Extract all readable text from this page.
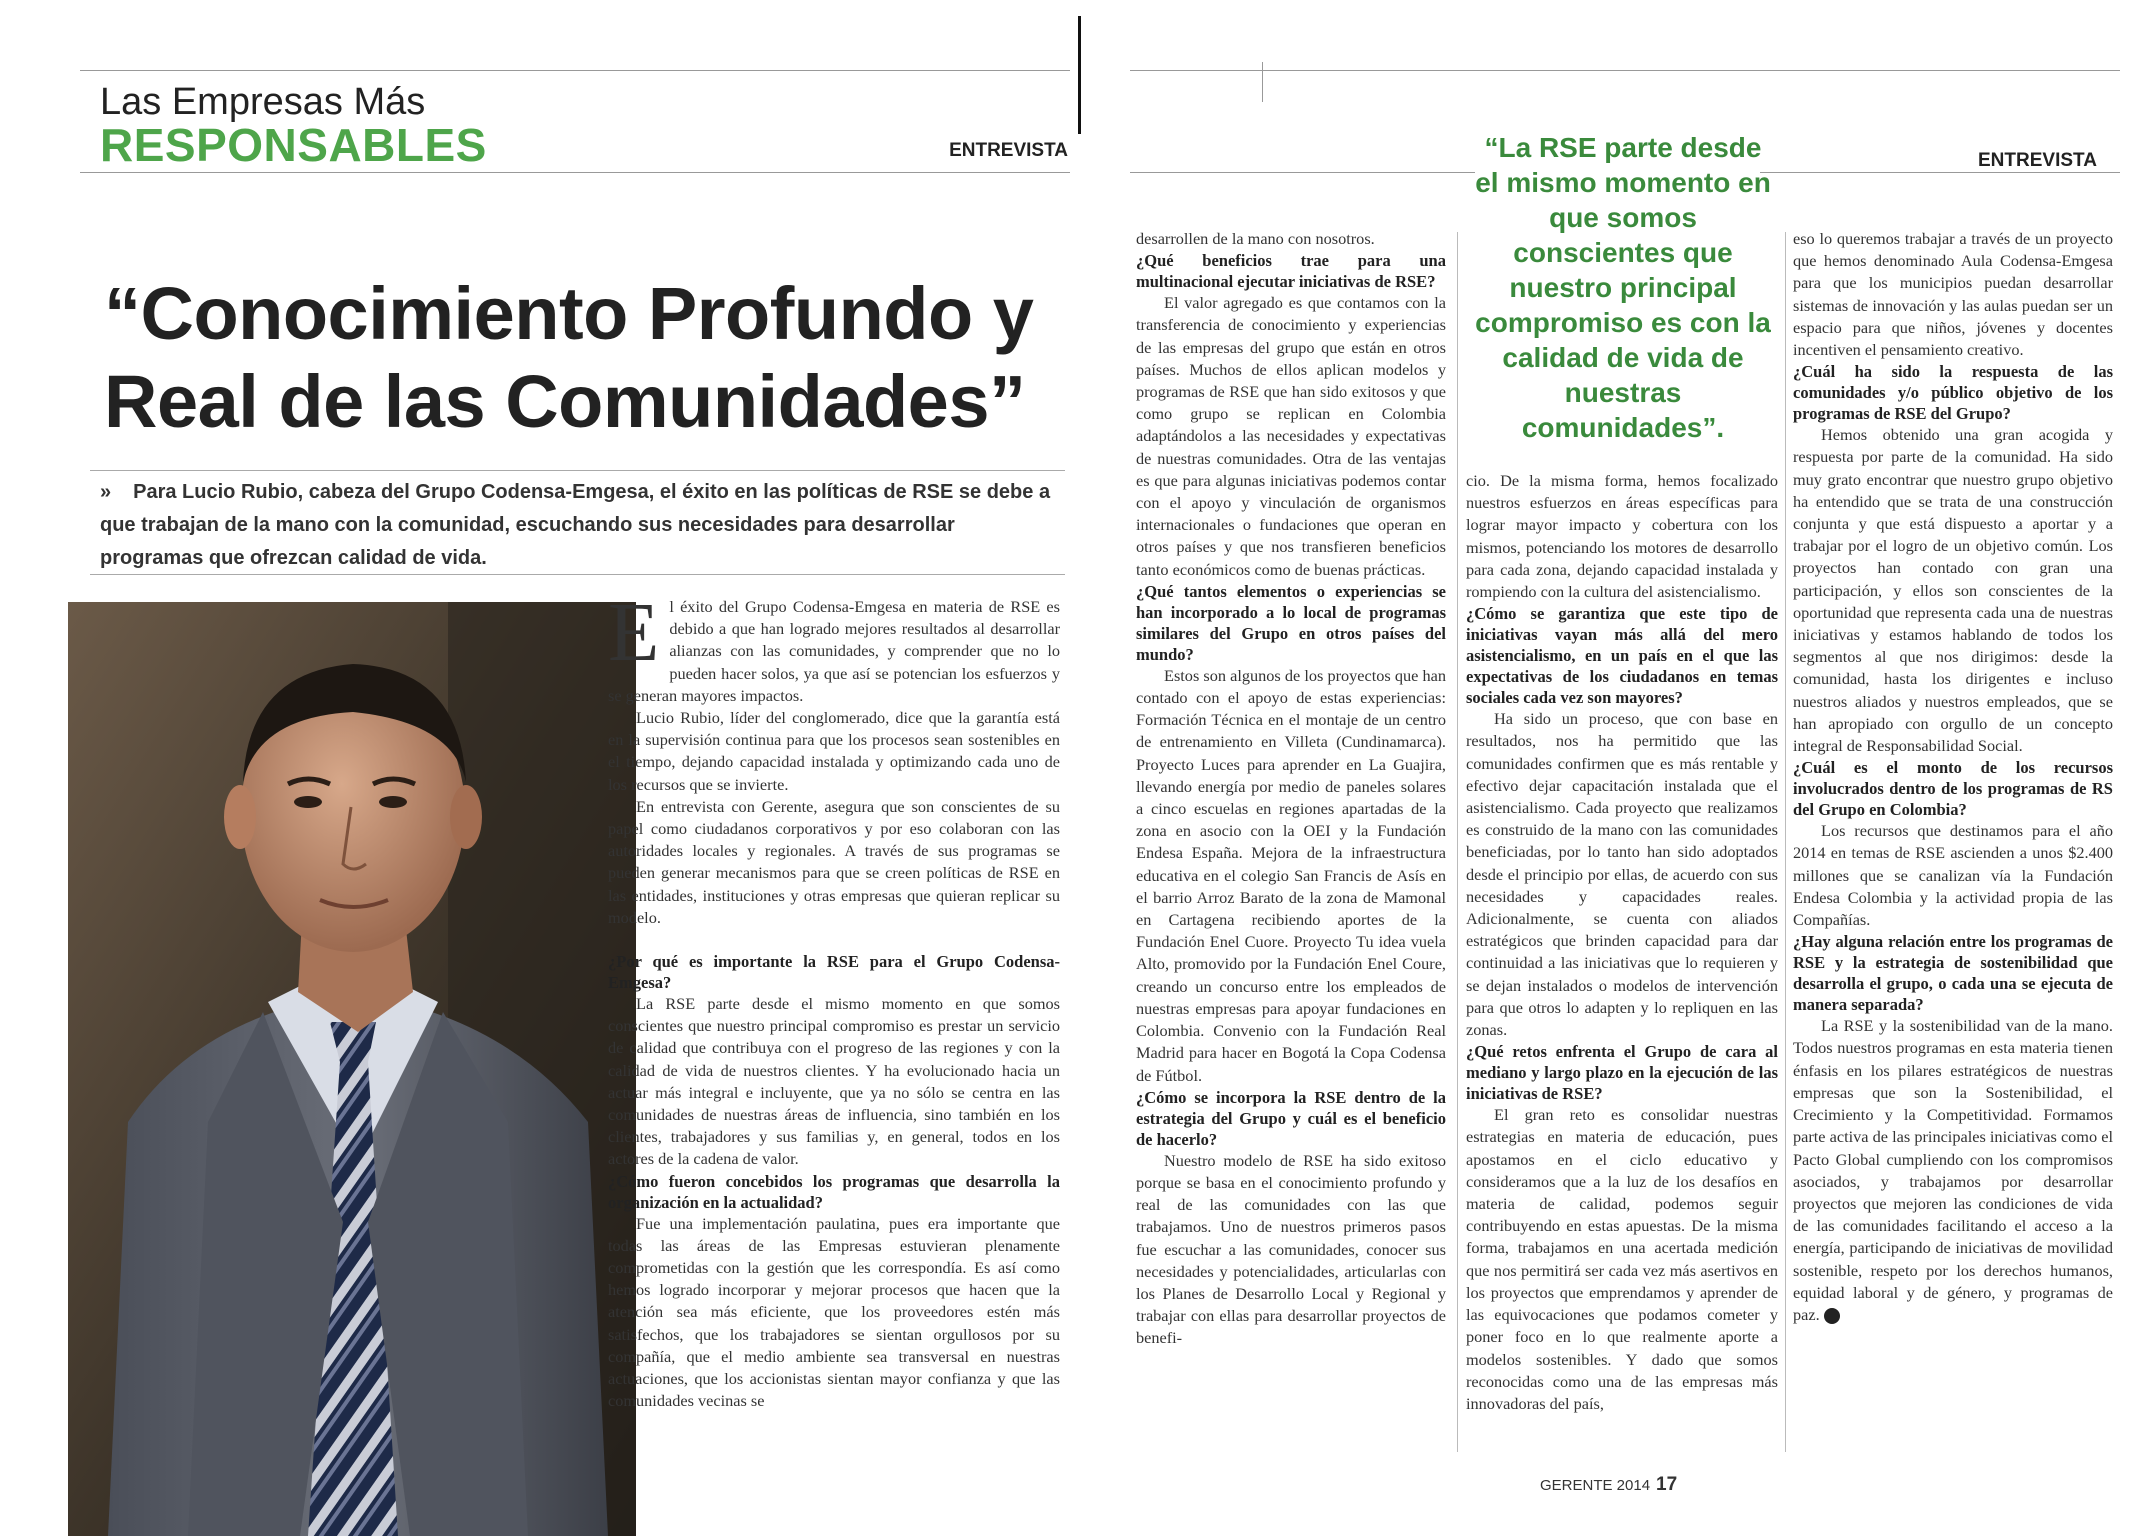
Las Empresas Más
RESPONSABLES	ENTREVISTA
“Conocimiento Profundo y
Real de las Comunidades”
» Para Lucio Rubio, cabeza del Grupo Codensa-Emgesa, el éxito en las políticas de RSE se debe a que trabajan de la mano con la comunidad, escuchando sus necesidades para desarrollar programas que ofrezcan calidad de vida.

El éxito del Grupo Codensa-Emgesa en materia de RSE es debido a que han logrado mejores resultados al desarrollar alianzas con las comunidades, y comprender que no lo pueden hacer solos, ya que así se potencian los esfuerzos y se generan mayores impactos.

Lucio Rubio, líder del conglomerado, dice que la garantía está en la supervisión continua para que los procesos sean sostenibles en el tiempo, dejando capacidad instalada y optimizando cada uno de los recursos que se invierte.

En entrevista con Gerente, asegura que son conscientes de su papel como ciudadanos corporativos y por eso colaboran con las autoridades locales y regionales. A través de sus programas se pueden generar mecanismos para que se creen políticas de RSE en las entidades, instituciones y otras empresas que quieran replicar su modelo.

¿Por qué es importante la RSE para el Grupo Codensa-Emgesa?

La RSE parte desde el mismo momento en que somos conscientes que nuestro principal compromiso es prestar un servicio de calidad que contribuya con el progreso de las regiones y con la calidad de vida de nuestros clientes. Y ha evolucionado hacia un actuar más integral e incluyente, que ya no sólo se centra en las comunidades de nuestras áreas de influencia, sino también en los clientes, trabajadores y sus familias y, en general, todos en los actores de la cadena de valor.

¿Cómo fueron concebidos los programas que desarrolla la organización en la actualidad?

Fue una implementación paulatina, pues era importante que todas las áreas de las Empresas estuvieran plenamente comprometidas con la gestión que les correspondía. Es así como hemos logrado incorporar y mejorar procesos que hacen que la atención sea más eficiente, que los proveedores estén más satisfechos, que los trabajadores se sientan orgullosos por su compañía, que el medio ambiente sea transversal en nuestras actuaciones, que los accionistas sientan mayor confianza y que las comunidades vecinas se

ENTREVISTA
“La RSE parte desde el mismo momento en que somos conscientes que nuestro principal compromiso es con la calidad de vida de nuestras comunidades”.

desarrollen de la mano con nosotros.

¿Qué beneficios trae para una multinacional ejecutar iniciativas de RSE?

El valor agregado es que contamos con la transferencia de conocimiento y experiencias de las empresas del grupo que están en otros países. Muchos de ellos aplican modelos y programas de RSE que han sido exitosos y que como grupo se replican en Colombia adaptándolos a las necesidades y expectativas de nuestras comunidades. Otra de las ventajas es que para algunas iniciativas podemos contar con el apoyo y vinculación de organismos internacionales o fundaciones que operan en otros países y que nos transfieren beneficios tanto económicos como de buenas prácticas.

¿Qué tantos elementos o experiencias se han incorporado a lo local de programas similares del Grupo en otros países del mundo?

Estos son algunos de los proyectos que han contado con el apoyo de estas experiencias: Formación Técnica en el montaje de un centro de entrenamiento en Villeta (Cundinamarca). Proyecto Luces para aprender en La Guajira, llevando energía por medio de paneles solares a cinco escuelas en regiones apartadas de la zona en asocio con la OEI y la Fundación Endesa España. Mejora de la infraestructura educativa en el colegio San Francis de Asís en el barrio Arroz Barato de la zona de Mamonal en Cartagena recibiendo aportes de la Fundación Enel Cuore. Proyecto Tu idea vuela Alto, promovido por la Fundación Enel Coure, creando un concurso entre los empleados de nuestras empresas para apoyar fundaciones en Colombia. Convenio con la Fundación Real Madrid para hacer en Bogotá la Copa Codensa de Fútbol.

¿Cómo se incorpora la RSE dentro de la estrategia del Grupo y cuál es el beneficio de hacerlo?

Nuestro modelo de RSE ha sido exitoso porque se basa en el conocimiento profundo y real de las comunidades con las que trabajamos. Uno de nuestros primeros pasos fue escuchar a las comunidades, conocer sus necesidades y potencialidades, articularlas con los Planes de Desarrollo Local y Regional y trabajar con ellas para desarrollar proyectos de benefi-

cio. De la misma forma, hemos focalizado nuestros esfuerzos en áreas específicas para lograr mayor impacto y cobertura con los mismos, potenciando los motores de desarrollo para cada zona, dejando capacidad instalada y rompiendo con la cultura del asistencialismo.

¿Cómo se garantiza que este tipo de iniciativas vayan más allá del mero asistencialismo, en un país en el que las expectativas de los ciudadanos en temas sociales cada vez son mayores?

Ha sido un proceso, que con base en resultados, nos ha permitido que las comunidades confirmen que es más rentable y efectivo dejar capacitación instalada que el asistencialismo. Cada proyecto que realizamos es construido de la mano con las comunidades beneficiadas, por lo tanto han sido adoptados desde el principio por ellas, de acuerdo con sus necesidades y capacidades reales. Adicionalmente, se cuenta con aliados estratégicos que brinden capacidad para dar continuidad a las iniciativas que lo requieren y se dejan instalados o modelos de intervención para que otros lo adapten y lo repliquen en las zonas.

¿Qué retos enfrenta el Grupo de cara al mediano y largo plazo en la ejecución de las iniciativas de RSE?

El gran reto es consolidar nuestras estrategias en materia de educación, pues apostamos en el ciclo educativo y consideramos que a la luz de los desafíos en materia de calidad, podemos seguir contribuyendo en estas apuestas. De la misma forma, trabajamos en una acertada medición que nos permitirá ser cada vez más asertivos en los proyectos que emprendamos y aprender de las equivocaciones que podamos cometer y poner foco en lo que realmente aporte a modelos sostenibles. Y dado que somos reconocidas como una de las empresas más innovadoras del país,

eso lo queremos trabajar a través de un proyecto que hemos denominado Aula Codensa-Emgesa para que los municipios puedan desarrollar sistemas de innovación y las aulas puedan ser un espacio para que niños, jóvenes y docentes incentiven el pensamiento creativo.

¿Cuál ha sido la respuesta de las comunidades y/o público objetivo de los programas de RSE del Grupo?

Hemos obtenido una gran acogida y respuesta por parte de la comunidad. Ha sido muy grato encontrar que nuestro grupo objetivo ha entendido que se trata de una construcción conjunta y que está dispuesto a aportar y a trabajar por el logro de un objetivo común. Los proyectos han contado con gran una participación, y ellos son conscientes de la oportunidad que representa cada una de nuestras iniciativas y estamos hablando de todos los segmentos al que nos dirigimos: desde la comunidad, hasta los dirigentes e incluso nuestros aliados y nuestros empleados, que se han apropiado con orgullo de un concepto integral de Responsabilidad Social.

¿Cuál es el monto de los recursos involucrados dentro de los programas de RS del Grupo en Colombia?

Los recursos que destinamos para el año 2014 en temas de RSE ascienden a unos $2.400 millones que se canalizan vía la Fundación Endesa Colombia y la actividad propia de las Compañías.

¿Hay alguna relación entre los programas de RSE y la estrategia de sostenibilidad que desarrolla el grupo, o cada una se ejecuta de manera separada?

La RSE y la sostenibilidad van de la mano. Todos nuestros programas en esta materia tienen énfasis en los pilares estratégicos de nuestras empresas que son la Sostenibilidad, el Crecimiento y la Competitividad. Formamos parte activa de las principales iniciativas como el Pacto Global cumpliendo con los compromisos asociados, y trabajamos por desarrollar proyectos que mejoren las condiciones de vida de las comunidades facilitando el acceso a la energía, participando de iniciativas de movilidad sostenible, respeto por los derechos humanos, equidad laboral y de género, y programas de paz.	G

GERENTE 2014 17
